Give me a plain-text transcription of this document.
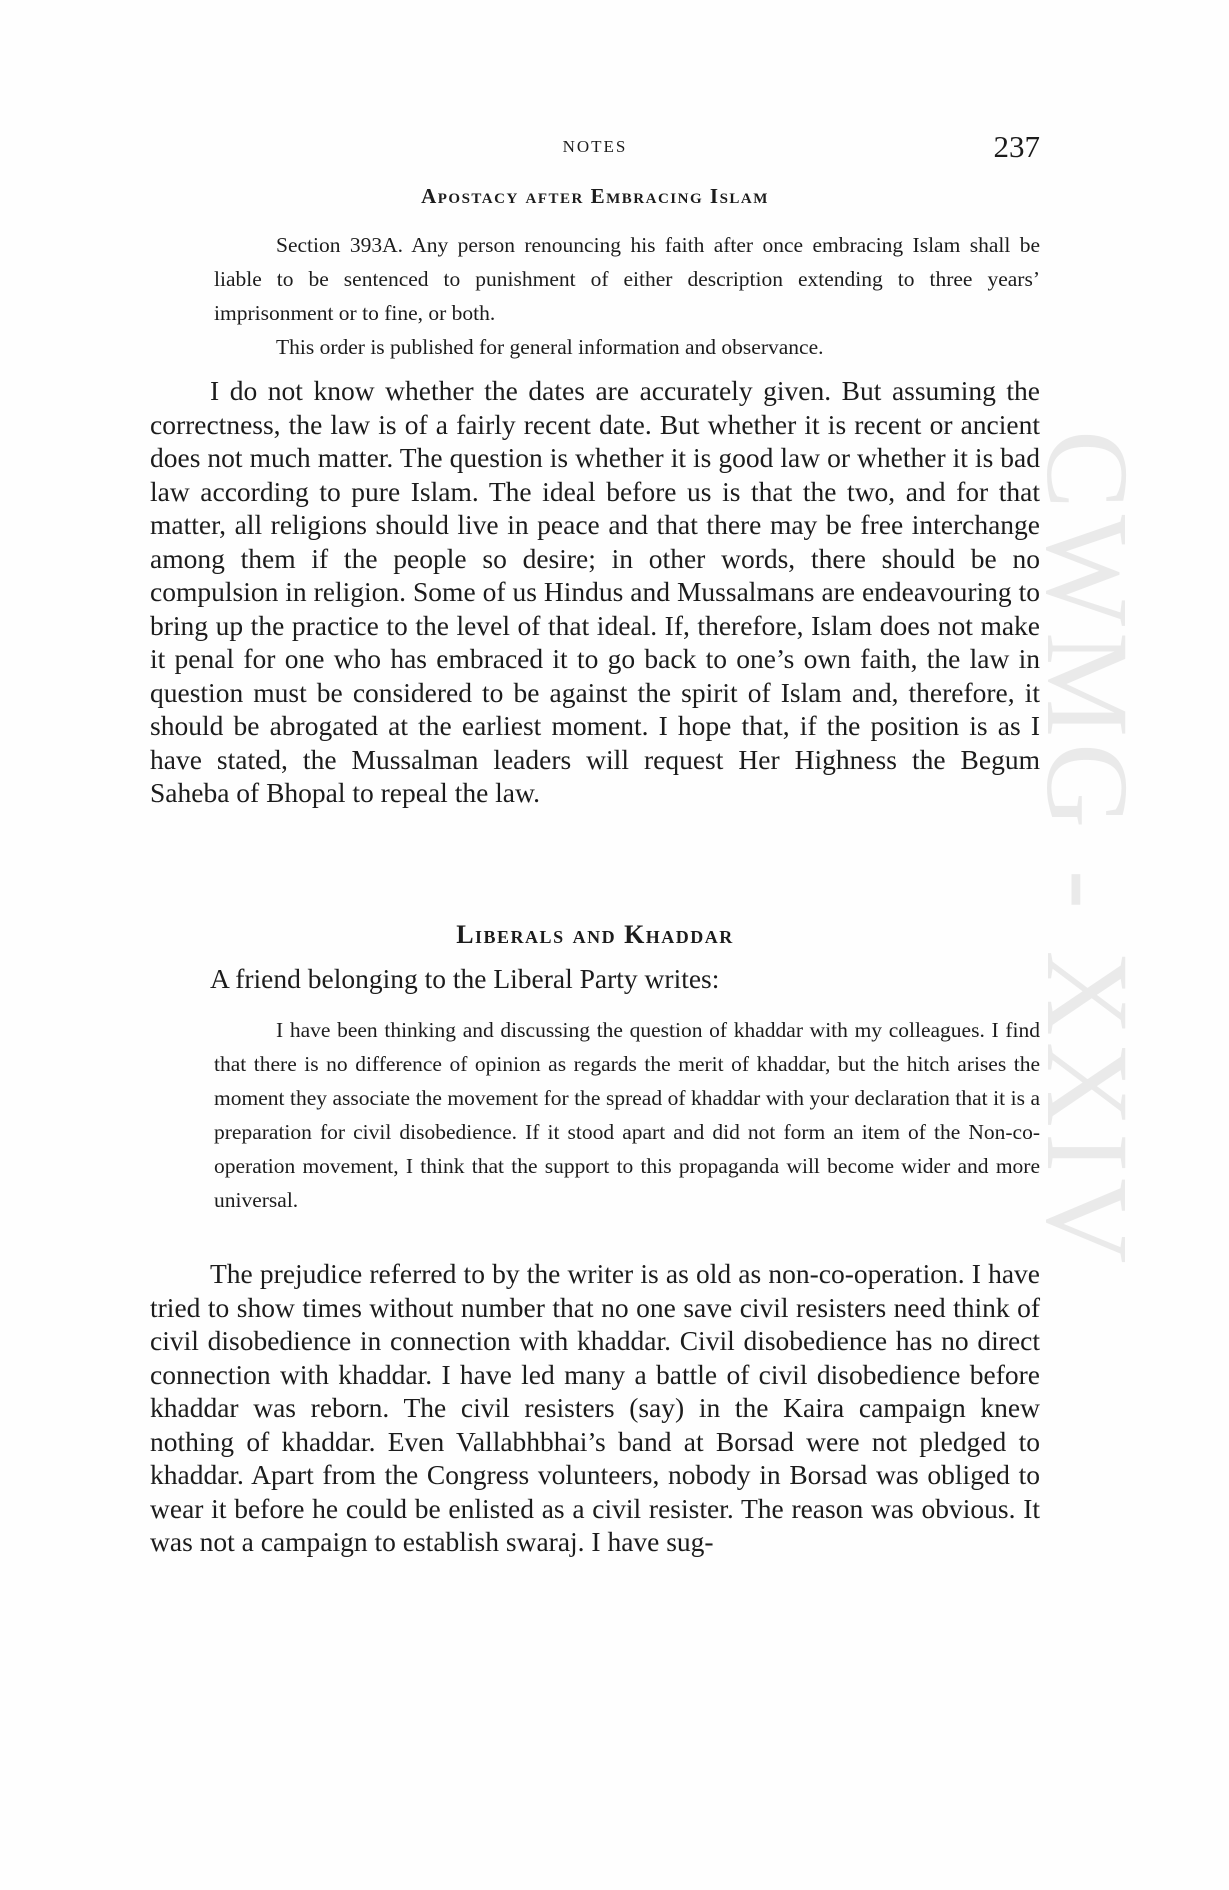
CWMG - XXIV
NOTES	237
Apostacy after Embracing Islam

Section 393A. Any person renouncing his faith after once embracing Islam shall be liable to be sentenced to punishment of either description extending to three years’ imprisonment or to fine, or both.

This order is published for general information and observance.

I do not know whether the dates are accurately given. But assuming the correctness, the law is of a fairly recent date. But whether it is recent or ancient does not much matter. The question is whether it is good law or whether it is bad law according to pure Islam. The ideal before us is that the two, and for that matter, all religions should live in peace and that there may be free interchange among them if the people so desire; in other words, there should be no compulsion in religion. Some of us Hindus and Mussalmans are endeavouring to bring up the practice to the level of that ideal. If, therefore, Islam does not make it penal for one who has embraced it to go back to one’s own faith, the law in question must be considered to be against the spirit of Islam and, therefore, it should be abrogated at the earliest moment. I hope that, if the position is as I have stated, the Mussalman leaders will request Her Highness the Begum Saheba of Bhopal to repeal the law.

Liberals and Khaddar
A friend belonging to the Liberal Party writes:

I have been thinking and discussing the question of khaddar with my colleagues. I find that there is no difference of opinion as regards the merit of khaddar, but the hitch arises the moment they associate the movement for the spread of khaddar with your declaration that it is a preparation for civil disobedience. If it stood apart and did not form an item of the Non-co-operation movement, I think that the support to this propaganda will become wider and more universal.

The prejudice referred to by the writer is as old as non-co-operation. I have tried to show times without number that no one save civil resisters need think of civil disobedience in connection with khaddar. Civil disobedience has no direct connection with khaddar. I have led many a battle of civil disobedience before khaddar was reborn. The civil resisters (say) in the Kaira campaign knew nothing of khaddar. Even Vallabhbhai’s band at Borsad were not pledged to khaddar. Apart from the Congress volunteers, nobody in Borsad was obliged to wear it before he could be enlisted as a civil resister. The reason was obvious. It was not a campaign to establish swaraj. I have sug-
